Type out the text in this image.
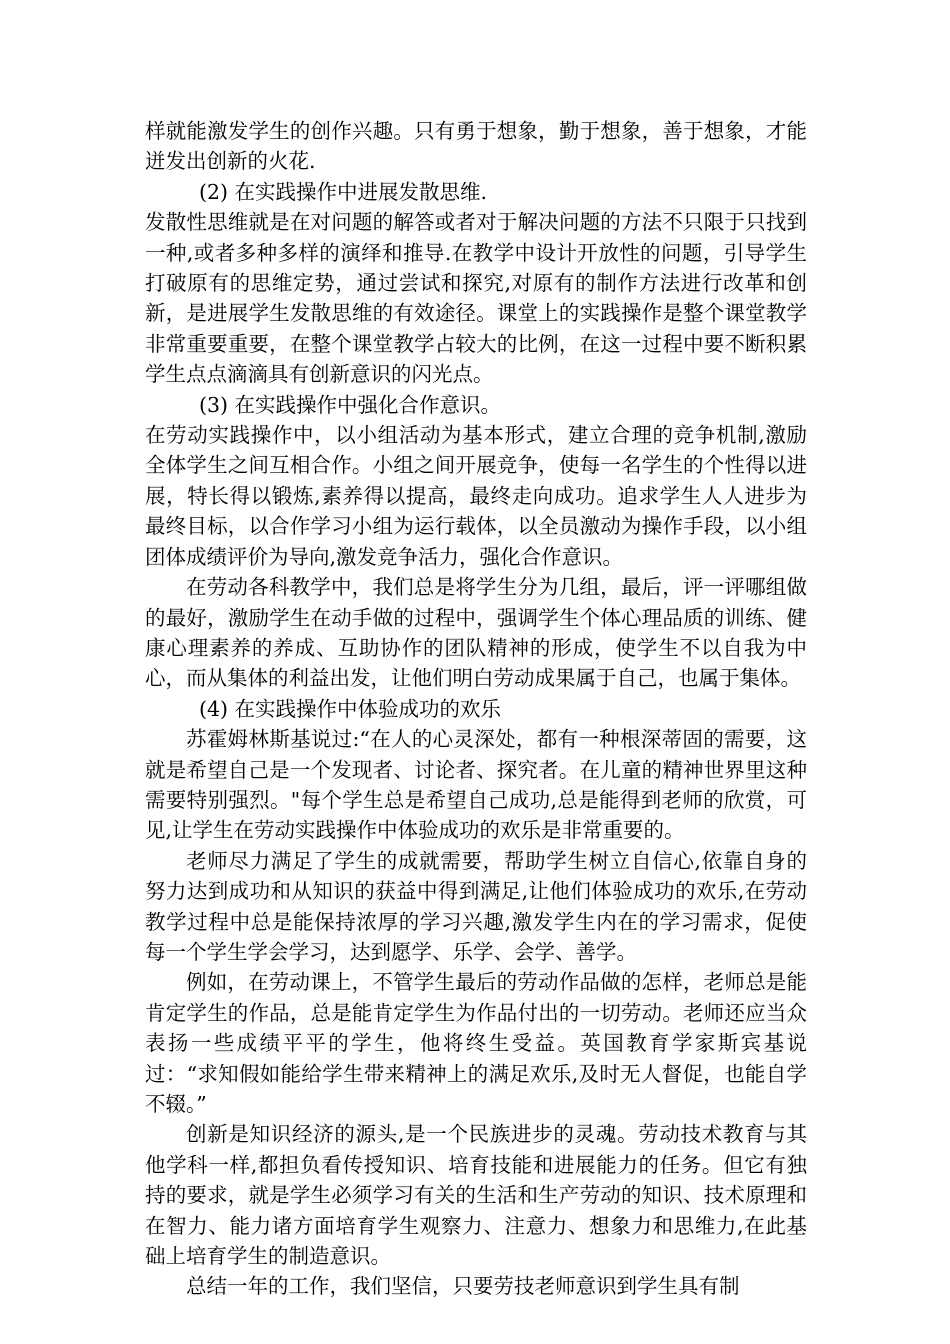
样就能激发学生的创作兴趣。只有勇于想象，勤于想象，善于想象，才能迸发出创新的火花.

(2) 在实践操作中进展发散思维.

发散性思维就是在对问题的解答或者对于解决问题的方法不只限于只找到一种,或者多种多样的演绎和推导.在教学中设计开放性的问题，引导学生打破原有的思维定势，通过尝试和探究,对原有的制作方法进行改革和创新，是进展学生发散思维的有效途径。课堂上的实践操作是整个课堂教学非常重要重要，在整个课堂教学占较大的比例，在这一过程中要不断积累学生点点滴滴具有创新意识的闪光点。

(3) 在实践操作中强化合作意识。

在劳动实践操作中，以小组活动为基本形式，建立合理的竞争机制,激励全体学生之间互相合作。小组之间开展竞争，使每一名学生的个性得以进展，特长得以锻炼,素养得以提高，最终走向成功。追求学生人人进步为最终目标，以合作学习小组为运行载体，以全员激动为操作手段，以小组团体成绩评价为导向,激发竞争活力，强化合作意识。

在劳动各科教学中，我们总是将学生分为几组，最后，评一评哪组做的最好，激励学生在动手做的过程中，强调学生个体心理品质的训练、健康心理素养的养成、互助协作的团队精神的形成，使学生不以自我为中心，而从集体的利益出发，让他们明白劳动成果属于自己，也属于集体。

(4) 在实践操作中体验成功的欢乐

苏霍姆林斯基说过:“在人的心灵深处，都有一种根深蒂固的需要，这就是希望自己是一个发现者、讨论者、探究者。在儿童的精神世界里这种需要特别强烈。"每个学生总是希望自己成功,总是能得到老师的欣赏，可见,让学生在劳动实践操作中体验成功的欢乐是非常重要的。

老师尽力满足了学生的成就需要，帮助学生树立自信心,依靠自身的努力达到成功和从知识的获益中得到满足,让他们体验成功的欢乐,在劳动教学过程中总是能保持浓厚的学习兴趣,激发学生内在的学习需求，促使每一个学生学会学习，达到愿学、乐学、会学、善学。

例如，在劳动课上，不管学生最后的劳动作品做的怎样，老师总是能肯定学生的作品，总是能肯定学生为作品付出的一切劳动。老师还应当众表扬一些成绩平平的学生，他将终生受益。英国教育学家斯宾基说过：“求知假如能给学生带来精神上的满足欢乐,及时无人督促，也能自学不辍。”

创新是知识经济的源头,是一个民族进步的灵魂。劳动技术教育与其他学科一样,都担负看传授知识、培育技能和进展能力的任务。但它有独持的要求，就是学生必须学习有关的生活和生产劳动的知识、技术原理和在智力、能力诸方面培育学生观察力、注意力、想象力和思维力,在此基础上培育学生的制造意识。

总结一年的工作，我们坚信，只要劳技老师意识到学生具有制
